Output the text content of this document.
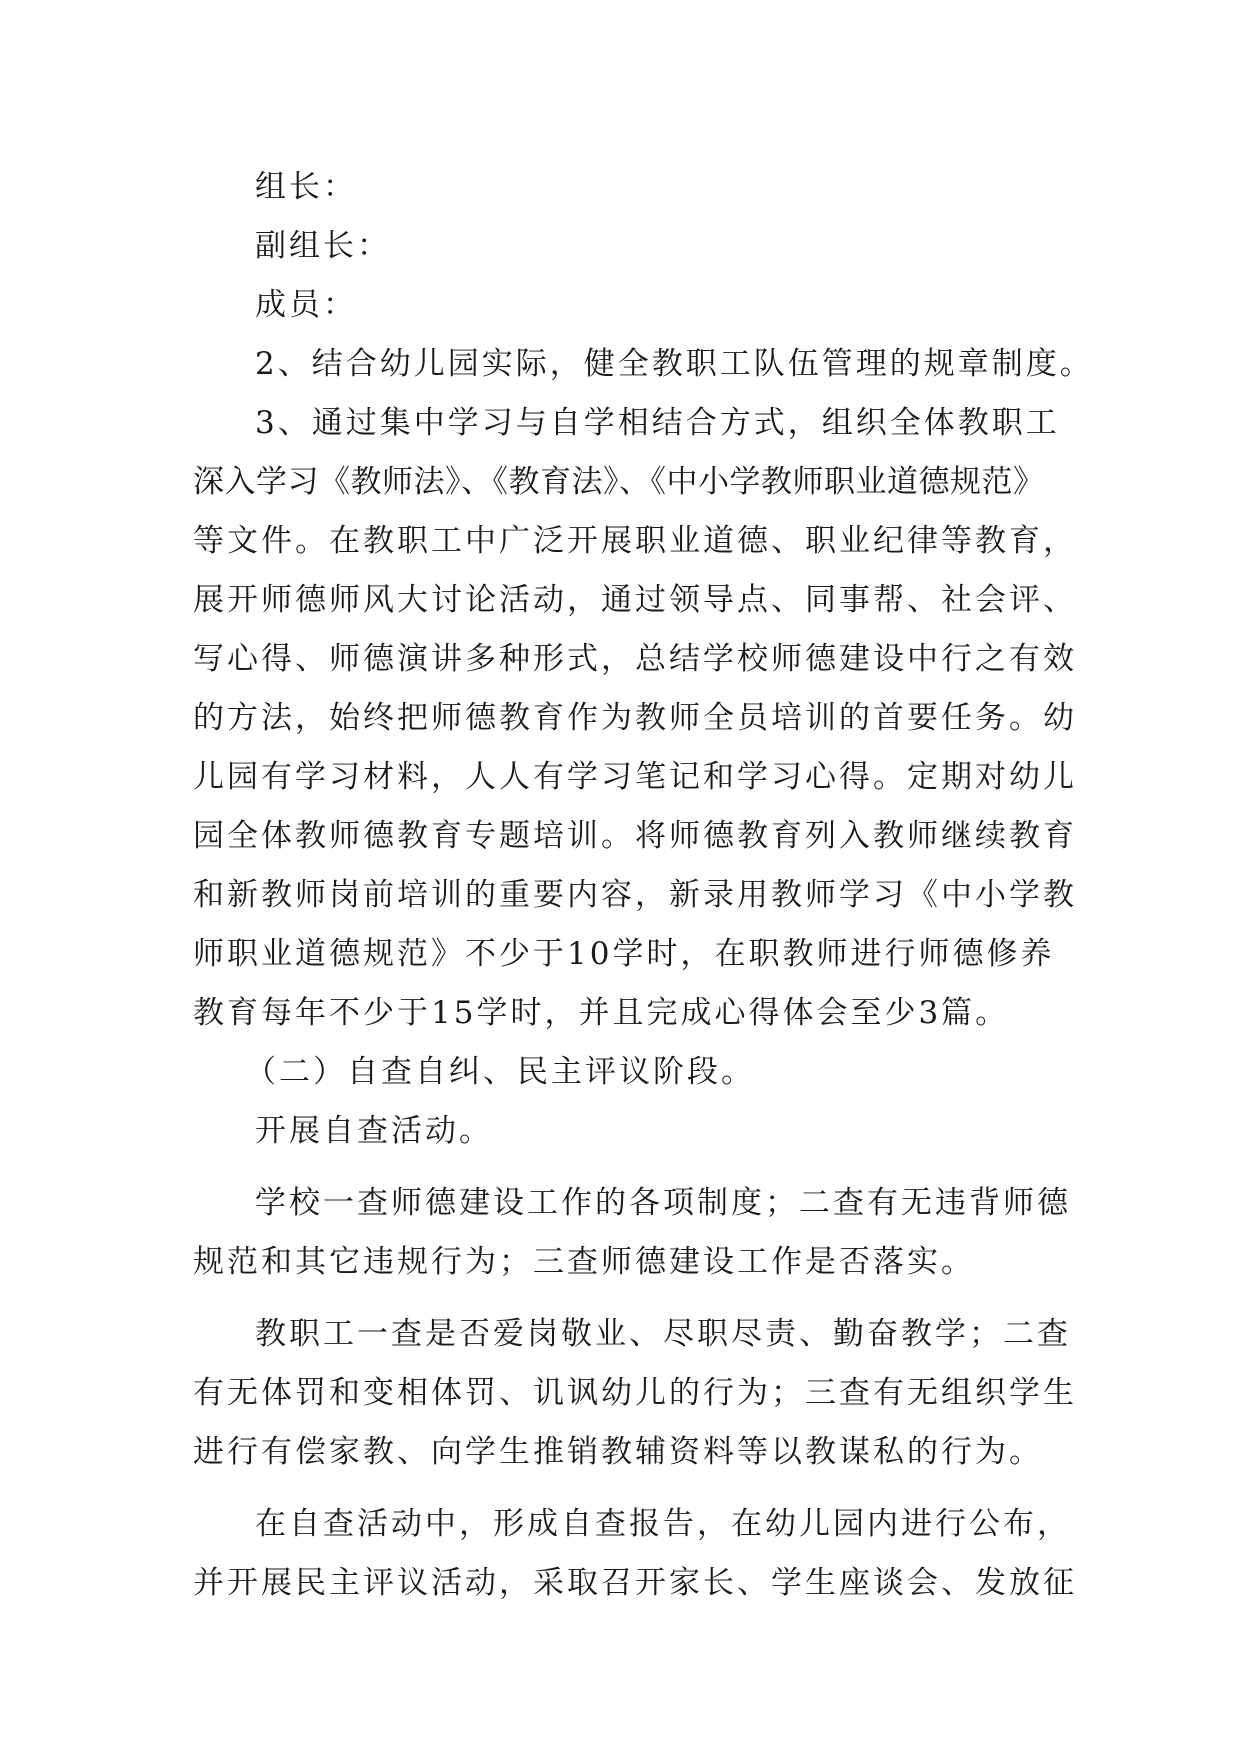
组长：
副组长：
成员：
2、结合幼儿园实际，健全教职工队伍管理的规章制度。
3、通过集中学习与自学相结合方式，组织全体教职工
深入学习《教师法》、《教育法》、《中小学教师职业道德规范》
等文件。在教职工中广泛开展职业道德、职业纪律等教育，
展开师德师风大讨论活动，通过领导点、同事帮、社会评、
写心得、师德演讲多种形式，总结学校师德建设中行之有效
的方法，始终把师德教育作为教师全员培训的首要任务。幼
儿园有学习材料，人人有学习笔记和学习心得。定期对幼儿
园全体教师德教育专题培训。将师德教育列入教师继续教育
和新教师岗前培训的重要内容，新录用教师学习《中小学教
师职业道德规范》不少于10学时，在职教师进行师德修养
教育每年不少于15学时，并且完成心得体会至少3篇。
（二）自查自纠、民主评议阶段。
开展自查活动。
学校一查师德建设工作的各项制度；二查有无违背师德
规范和其它违规行为；三查师德建设工作是否落实。
教职工一查是否爱岗敬业、尽职尽责、勤奋教学；二查
有无体罚和变相体罚、讥讽幼儿的行为；三查有无组织学生
进行有偿家教、向学生推销教辅资料等以教谋私的行为。
在自查活动中，形成自查报告，在幼儿园内进行公布，
并开展民主评议活动，采取召开家长、学生座谈会、发放征
